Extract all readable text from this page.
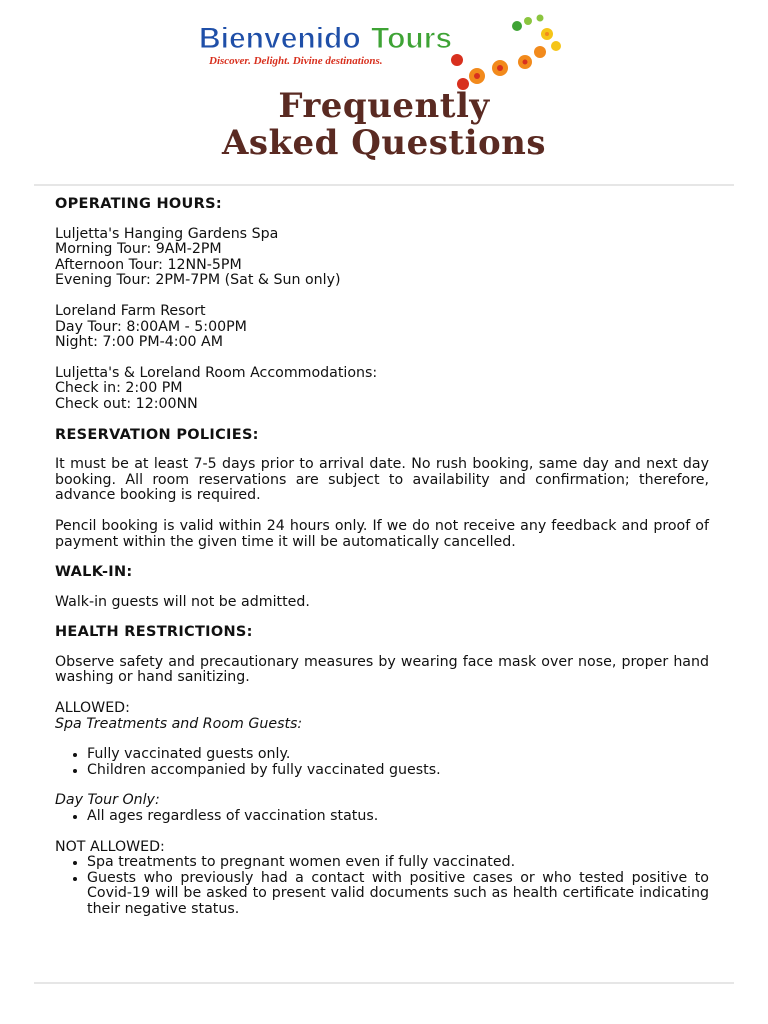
Bienvenido Tours
Discover. Delight. Divine destinations.
Frequently
Asked Questions
OPERATING HOURS:
Luljetta's Hanging Gardens Spa
Morning Tour: 9AM-2PM
Afternoon Tour: 12NN-5PM
Evening Tour: 2PM-7PM (Sat & Sun only)
Loreland Farm Resort
Day Tour: 8:00AM - 5:00PM
Night: 7:00 PM-4:00 AM
Luljetta's & Loreland Room Accommodations:
Check in: 2:00 PM
Check out: 12:00NN
RESERVATION POLICIES:
It must be at least 7-5 days prior to arrival date. No rush booking, same day and next day booking. All room reservations are subject to availability and confirmation; therefore, advance booking is required.
Pencil booking is valid within 24 hours only. If we do not receive any feedback and proof of payment within the given time it will be automatically cancelled.
WALK-IN:
Walk-in guests will not be admitted.
HEALTH RESTRICTIONS:
Observe safety and precautionary measures by wearing face mask over nose, proper hand washing or hand sanitizing.
ALLOWED:
Spa Treatments and Room Guests:
• Fully vaccinated guests only.
• Children accompanied by fully vaccinated guests.
Day Tour Only:
• All ages regardless of vaccination status.
NOT ALLOWED:
• Spa treatments to pregnant women even if fully vaccinated.
• Guests who previously had a contact with positive cases or who tested positive to Covid-19 will be asked to present valid documents such as health certificate indicating their negative status.
